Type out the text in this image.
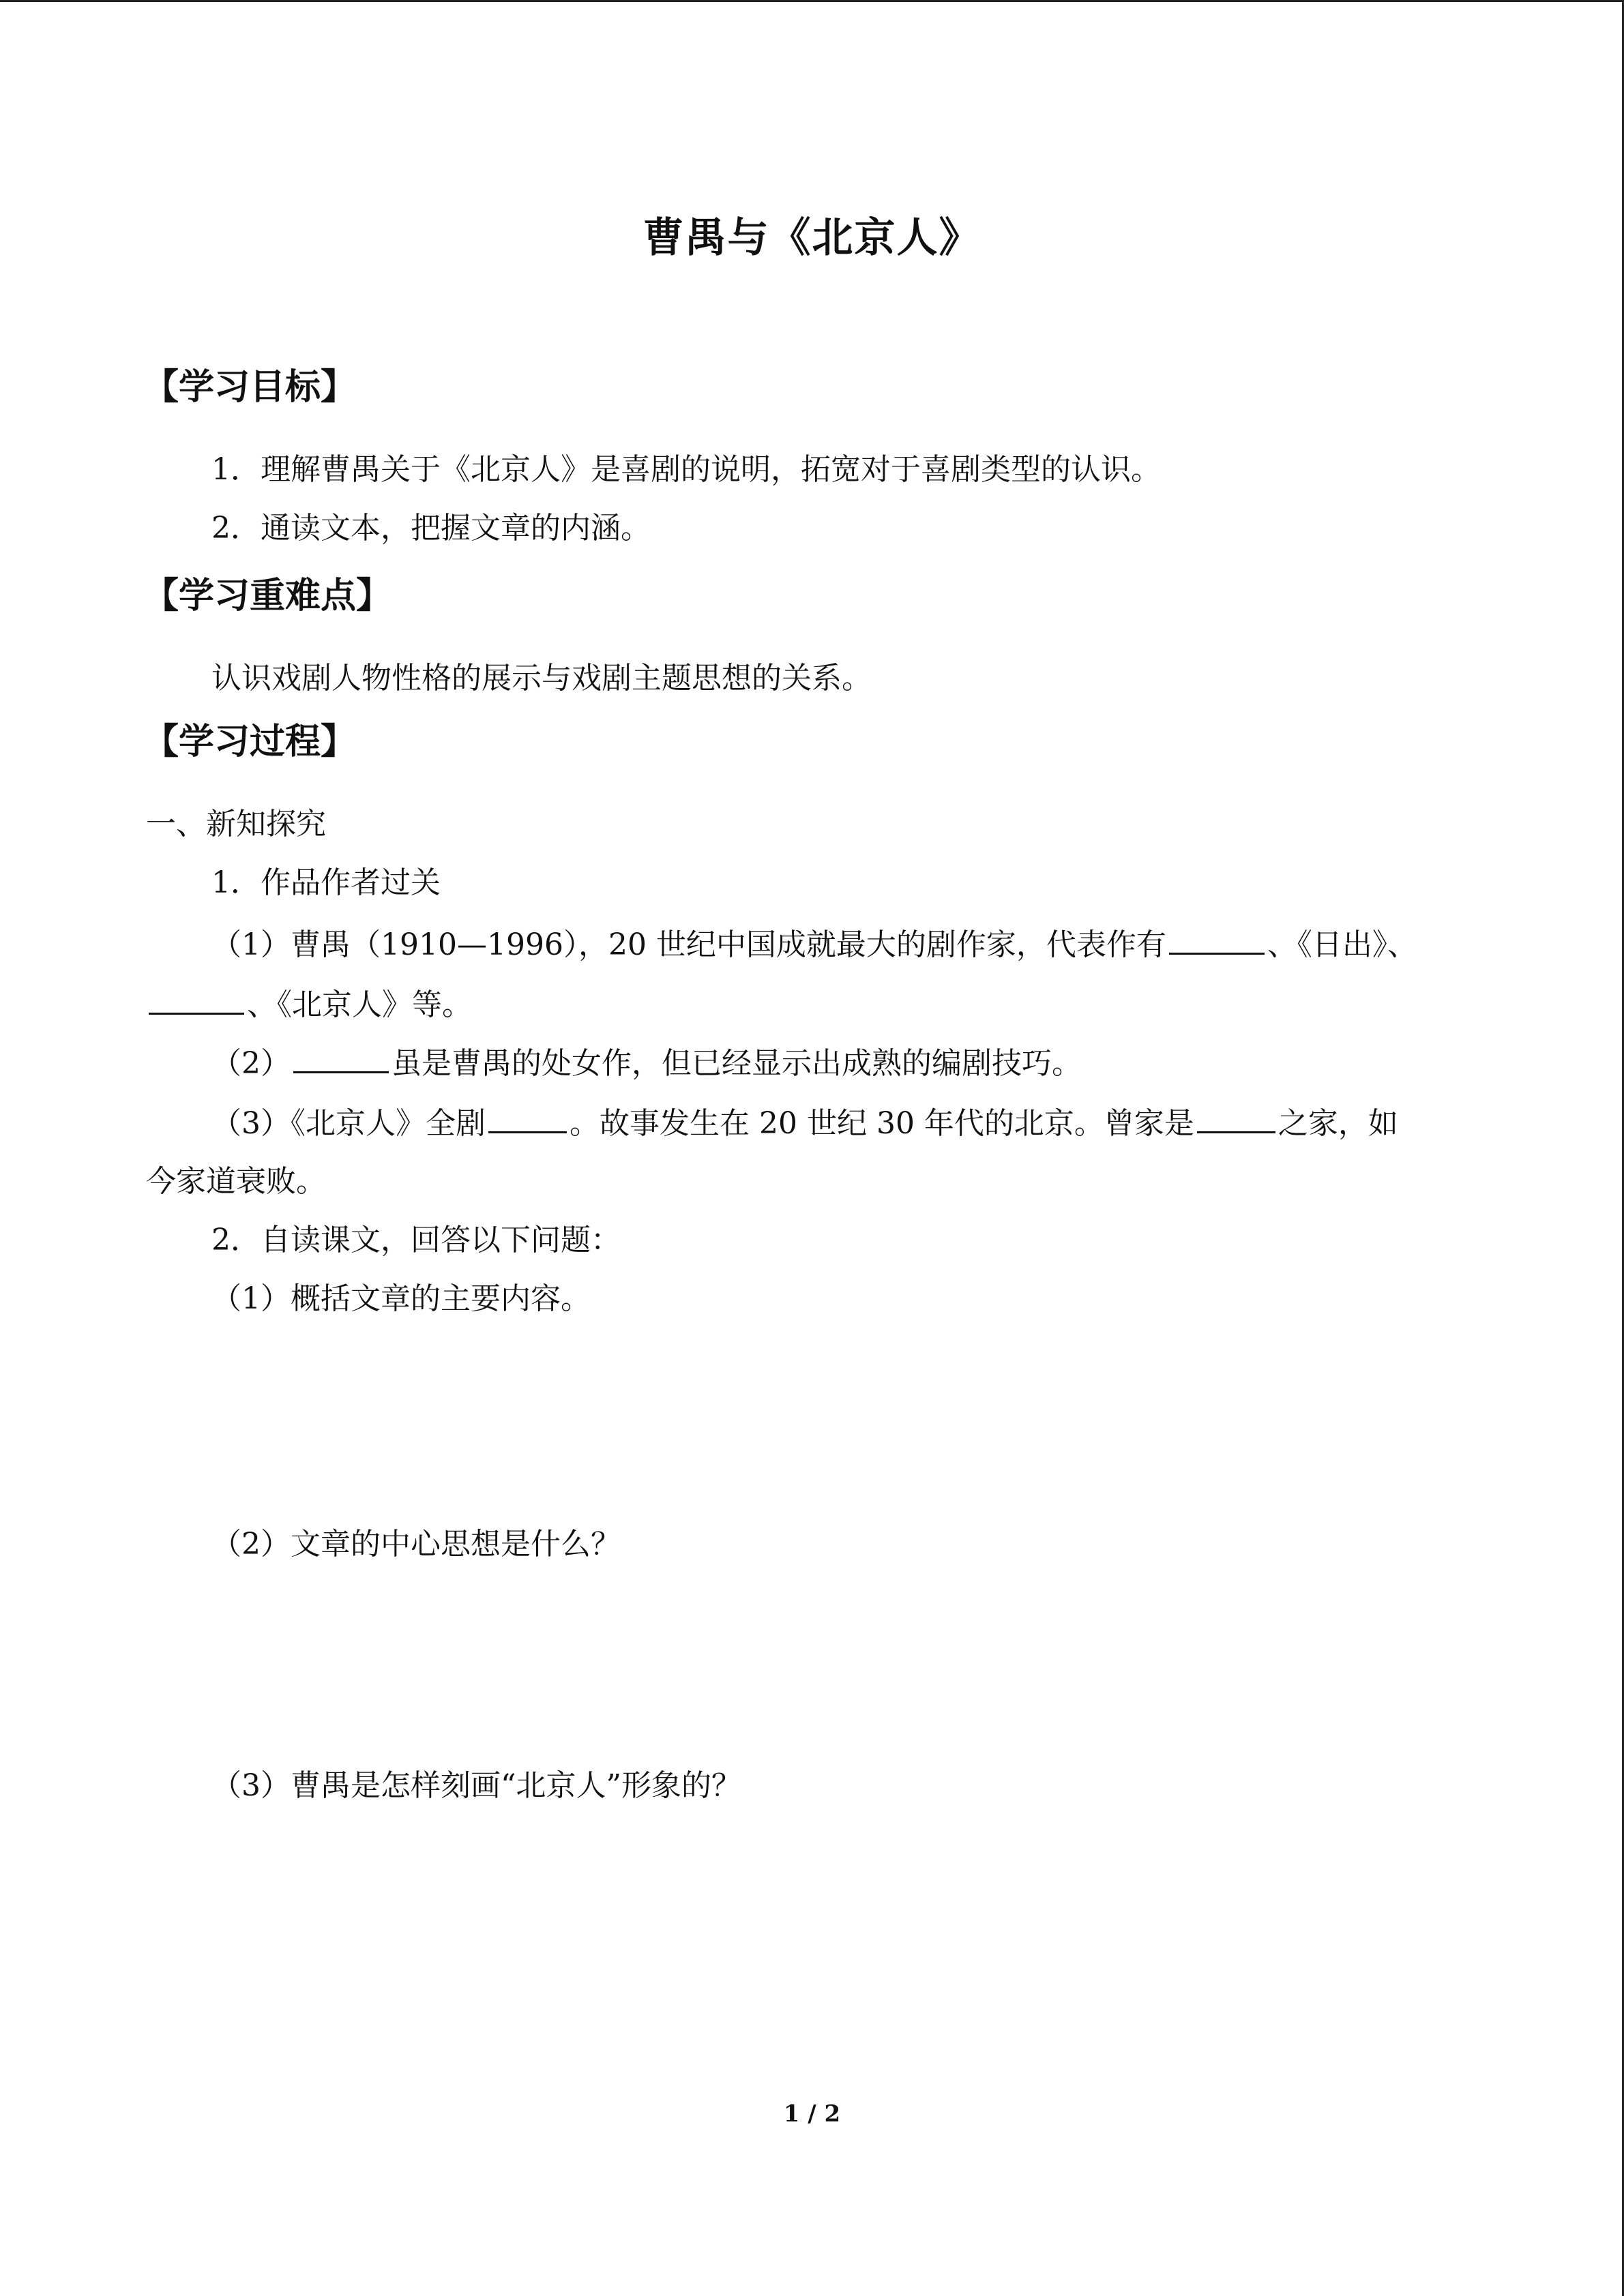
曹禺与《北京人》
【学习目标】
1．理解曹禺关于《北京人》是喜剧的说明，拓宽对于喜剧类型的认识。
2．通读文本，把握文章的内涵。
【学习重难点】
认识戏剧人物性格的展示与戏剧主题思想的关系。
【学习过程】
一、新知探究
1．作品作者过关
（1）曹禺（1910—1996），20 世纪中国成就最大的剧作家，代表作有	、《日出》、
、《北京人》等。
（2）	虽是曹禺的处女作，但已经显示出成熟的编剧技巧。
（3）《北京人》全剧	。故事发生在 20 世纪 30 年代的北京。曾家是	之家，如
今家道衰败。
2．自读课文，回答以下问题：
（1）概括文章的主要内容。
（2）文章的中心思想是什么？
（3）曹禺是怎样刻画“北京人”形象的？
1 / 2
